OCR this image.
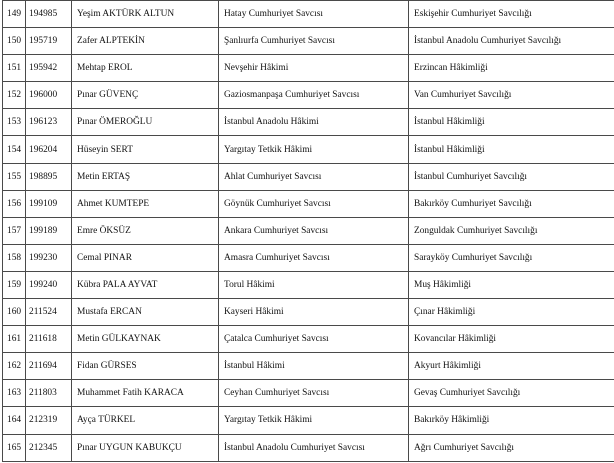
149	194985	Yeşim AKTÜRK ALTUN	Hatay Cumhuriyet Savcısı	Eskişehir Cumhuriyet Savcılığı
150	195719	Zafer ALPTEKİN	Şanlıurfa Cumhuriyet Savcısı	İstanbul Anadolu Cumhuriyet Savcılığı
151	195942	Mehtap EROL	Nevşehir Hâkimi	Erzincan Hâkimliği
152	196000	Pınar GÜVENÇ	Gaziosmanpaşa Cumhuriyet Savcısı	Van Cumhuriyet Savcılığı
153	196123	Pınar ÖMEROĞLU	İstanbul Anadolu Hâkimi	İstanbul Hâkimliği
154	196204	Hüseyin SERT	Yargıtay Tetkik Hâkimi	İstanbul Hâkimliği
155	198895	Metin ERTAŞ	Ahlat Cumhuriyet Savcısı	İstanbul Cumhuriyet Savcılığı
156	199109	Ahmet KUMTEPE	Göynük Cumhuriyet Savcısı	Bakırköy Cumhuriyet Savcılığı
157	199189	Emre ÖKSÜZ	Ankara Cumhuriyet Savcısı	Zonguldak Cumhuriyet Savcılığı
158	199230	Cemal PINAR	Amasra Cumhuriyet Savcısı	Sarayköy Cumhuriyet Savcılığı
159	199240	Kübra PALA AYVAT	Torul Hâkimi	Muş Hâkimliği
160	211524	Mustafa ERCAN	Kayseri Hâkimi	Çınar Hâkimliği
161	211618	Metin GÜLKAYNAK	Çatalca Cumhuriyet Savcısı	Kovancılar Hâkimliği
162	211694	Fidan GÜRSES	İstanbul Hâkimi	Akyurt Hâkimliği
163	211803	Muhammet Fatih KARACA	Ceyhan Cumhuriyet Savcısı	Gevaş Cumhuriyet Savcılığı
164	212319	Ayça TÜRKEL	Yargıtay Tetkik Hâkimi	Bakırköy Hâkimliği
165	212345	Pınar UYGUN KABUKÇU	İstanbul Anadolu Cumhuriyet Savcısı	Ağrı Cumhuriyet Savcılığı
